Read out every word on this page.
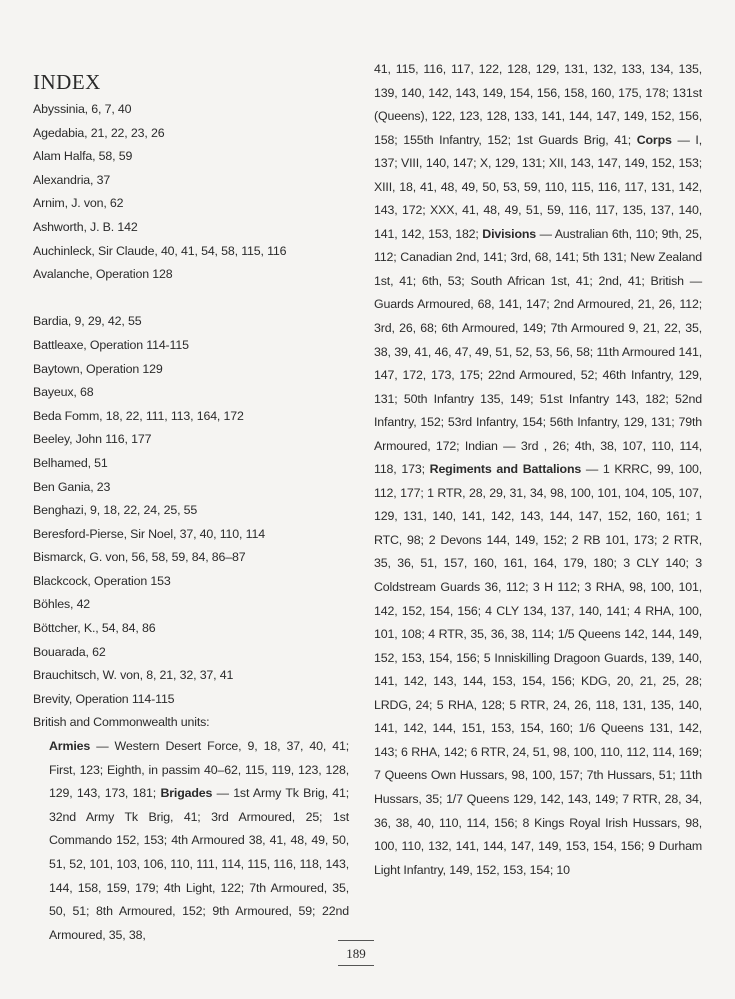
INDEX
Abyssinia, 6, 7, 40
Agedabia, 21, 22, 23, 26
Alam Halfa, 58, 59
Alexandria, 37
Arnim, J. von, 62
Ashworth, J. B. 142
Auchinleck, Sir Claude, 40, 41, 54, 58, 115, 116
Avalanche, Operation 128
Bardia, 9, 29, 42, 55
Battleaxe, Operation 114-115
Baytown, Operation 129
Bayeux, 68
Beda Fomm, 18, 22, 111, 113, 164, 172
Beeley, John 116, 177
Belhamed, 51
Ben Gania, 23
Benghazi, 9, 18, 22, 24, 25, 55
Beresford-Pierse, Sir Noel, 37, 40, 110, 114
Bismarck, G. von, 56, 58, 59, 84, 86–87
Blackcock, Operation 153
Böhles, 42
Böttcher, K., 54, 84, 86
Bouarada, 62
Brauchitsch, W. von, 8, 21, 32, 37, 41
Brevity, Operation 114-115
British and Commonwealth units:
Armies — Western Desert Force, 9, 18, 37, 40, 41; First, 123; Eighth, in passim 40–62, 115, 119, 123, 128, 129, 143, 173, 181; Brigades — 1st Army Tk Brig, 41; 32nd Army Tk Brig, 41; 3rd Armoured, 25; 1st Commando 152, 153; 4th Armoured 38, 41, 48, 49, 50, 51, 52, 101, 103, 106, 110, 111, 114, 115, 116, 118, 143, 144, 158, 159, 179; 4th Light, 122; 7th Armoured, 35, 50, 51; 8th Armoured, 152; 9th Armoured, 59; 22nd Armoured, 35, 38,
41, 115, 116, 117, 122, 128, 129, 131, 132, 133, 134, 135, 139, 140, 142, 143, 149, 154, 156, 158, 160, 175, 178; 131st (Queens), 122, 123, 128, 133, 141, 144, 147, 149, 152, 156, 158; 155th Infantry, 152; 1st Guards Brig, 41; Corps — I, 137; VIII, 140, 147; X, 129, 131; XII, 143, 147, 149, 152, 153; XIII, 18, 41, 48, 49, 50, 53, 59, 110, 115, 116, 117, 131, 142, 143, 172; XXX, 41, 48, 49, 51, 59, 116, 117, 135, 137, 140, 141, 142, 153, 182; Divisions — Australian 6th, 110; 9th, 25, 112; Canadian 2nd, 141; 3rd, 68, 141; 5th 131; New Zealand 1st, 41; 6th, 53; South African 1st, 41; 2nd, 41; British — Guards Armoured, 68, 141, 147; 2nd Armoured, 21, 26, 112; 3rd, 26, 68; 6th Armoured, 149; 7th Armoured 9, 21, 22, 35, 38, 39, 41, 46, 47, 49, 51, 52, 53, 56, 58; 11th Armoured 141, 147, 172, 173, 175; 22nd Armoured, 52; 46th Infantry, 129, 131; 50th Infantry 135, 149; 51st Infantry 143, 182; 52nd Infantry, 152; 53rd Infantry, 154; 56th Infantry, 129, 131; 79th Armoured, 172; Indian — 3rd , 26; 4th, 38, 107, 110, 114, 118, 173; Regiments and Battalions — 1 KRRC, 99, 100, 112, 177; 1 RTR, 28, 29, 31, 34, 98, 100, 101, 104, 105, 107, 129, 131, 140, 141, 142, 143, 144, 147, 152, 160, 161; 1 RTC, 98; 2 Devons 144, 149, 152; 2 RB 101, 173; 2 RTR, 35, 36, 51, 157, 160, 161, 164, 179, 180; 3 CLY 140; 3 Coldstream Guards 36, 112; 3 H 112; 3 RHA, 98, 100, 101, 142, 152, 154, 156; 4 CLY 134, 137, 140, 141; 4 RHA, 100, 101, 108; 4 RTR, 35, 36, 38, 114; 1/5 Queens 142, 144, 149, 152, 153, 154, 156; 5 Inniskilling Dragoon Guards, 139, 140, 141, 142, 143, 144, 153, 154, 156; KDG, 20, 21, 25, 28; LRDG, 24; 5 RHA, 128; 5 RTR, 24, 26, 118, 131, 135, 140, 141, 142, 144, 151, 153, 154, 160; 1/6 Queens 131, 142, 143; 6 RHA, 142; 6 RTR, 24, 51, 98, 100, 110, 112, 114, 169; 7 Queens Own Hussars, 98, 100, 157; 7th Hussars, 51; 11th Hussars, 35; 1/7 Queens 129, 142, 143, 149; 7 RTR, 28, 34, 36, 38, 40, 110, 114, 156; 8 Kings Royal Irish Hussars, 98, 100, 110, 132, 141, 144, 147, 149, 153, 154, 156; 9 Durham Light Infantry, 149, 152, 153, 154; 10
189
